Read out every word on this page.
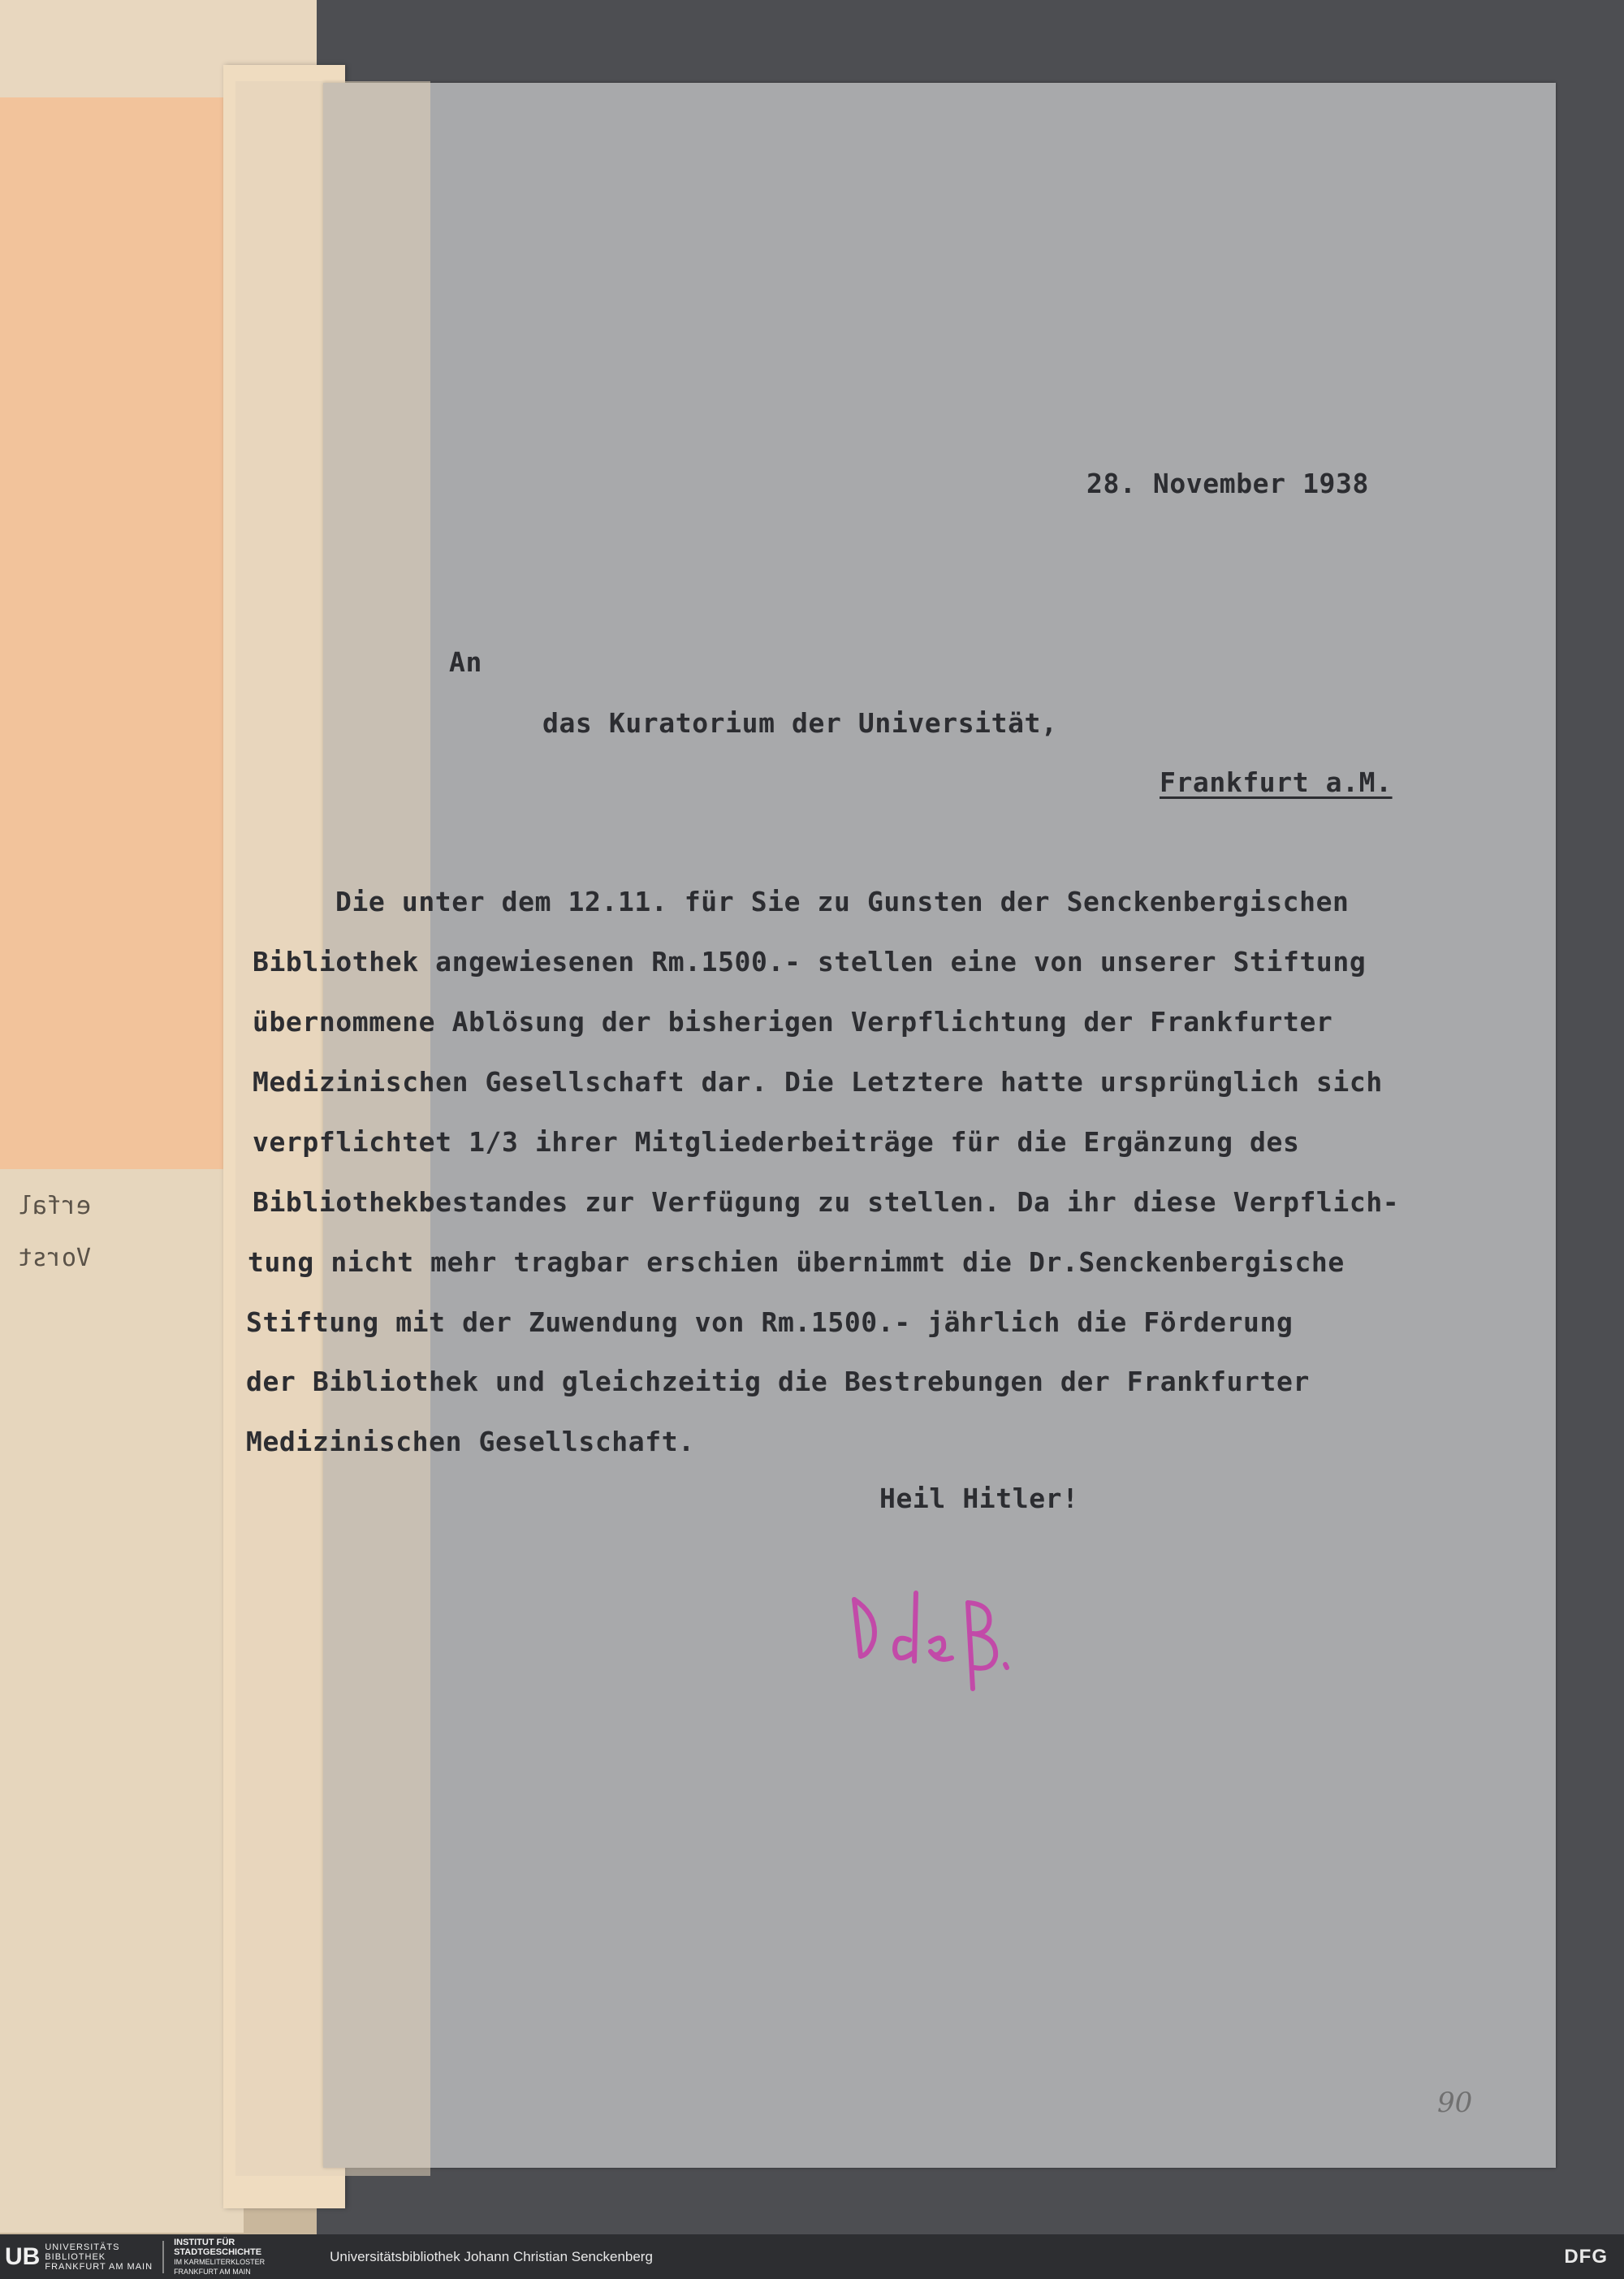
erfal
Vorst
28. November 1938
An
das Kuratorium der Universität,
Frankfurt a.M.
Die unter dem 12.11. für Sie zu Gunsten der Senckenbergischen
Bibliothek angewiesenen Rm.1500.- stellen eine von unserer Stiftung
übernommene Ablösung der bisherigen Verpflichtung der Frankfurter
Medizinischen Gesellschaft dar. Die Letztere hatte ursprünglich sich
verpflichtet 1/3 ihrer Mitgliederbeiträge für die Ergänzung des
Bibliothekbestandes zur Verfügung zu stellen. Da ihr diese Verpflich-
tung nicht mehr tragbar erschien übernimmt die Dr.Senckenbergische
Stiftung mit der Zuwendung von Rm.1500.- jährlich die Förderung
der Bibliothek und gleichzeitig die Bestrebungen der Frankfurter
Medizinischen Gesellschaft.
Heil Hitler!
90
UB UNIVERSITÄTS
BIBLIOTHEK
FRANKFURT AM MAIN
INSTITUT FÜR
STADTGESCHICHTE
IM KARMELITERKLOSTER
FRANKFURT AM MAIN
Universitätsbibliothek Johann Christian Senckenberg	DFG
